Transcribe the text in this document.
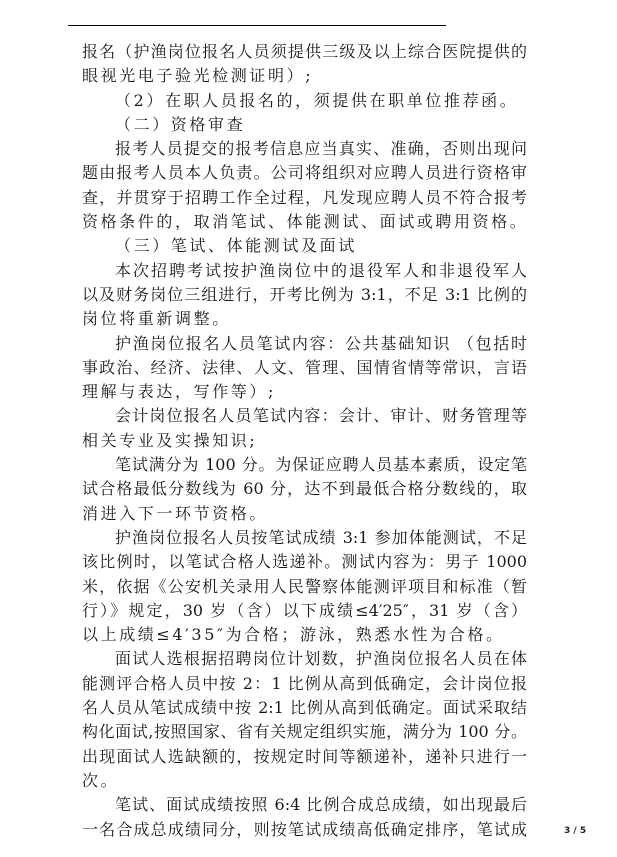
报名（护渔岗位报名人员须提供三级及以上综合医院提供的
眼视光电子验光检测证明）;
（2）在职人员报名的，须提供在职单位推荐函。
（二）资格审查
报考人员提交的报考信息应当真实、准确，否则出现问
题由报考人员本人负责。公司将组织对应聘人员进行资格审
查，并贯穿于招聘工作全过程，凡发现应聘人员不符合报考
资格条件的，取消笔试、体能测试、面试或聘用资格。
（三）笔试、体能测试及面试
本次招聘考试按护渔岗位中的退役军人和非退役军人
以及财务岗位三组进行，开考比例为 3:1，不足 3:1 比例的
岗位将重新调整。
护渔岗位报名人员笔试内容：公共基础知识 （包括时
事政治、经济、法律、人文、管理、国情省情等常识，言语
理解与表达，写作等）;
会计岗位报名人员笔试内容：会计、审计、财务管理等
相关专业及实操知识;
笔试满分为 100 分。为保证应聘人员基本素质，设定笔
试合格最低分数线为 60 分，达不到最低合格分数线的，取
消进入下一环节资格。
护渔岗位报名人员按笔试成绩 3:1 参加体能测试，不足
该比例时，以笔试合格人选递补。测试内容为：男子 1000
米，依据《公安机关录用人民警察体能测评项目和标准（暂
行）》规定，30 岁（含）以下成绩≤4′25″，31 岁（含）
以上成绩≤4′35″为合格；游泳，熟悉水性为合格。
面试人选根据招聘岗位计划数，护渔岗位报名人员在体
能测评合格人员中按 2：1 比例从高到低确定，会计岗位报
名人员从笔试成绩中按 2:1 比例从高到低确定。面试采取结
构化面试,按照国家、省有关规定组织实施，满分为 100 分。
出现面试人选缺额的，按规定时间等额递补，递补只进行一
次。
笔试、面试成绩按照 6:4 比例合成总成绩，如出现最后
一名合成总成绩同分，则按笔试成绩高低确定排序，笔试成	3 / 5
